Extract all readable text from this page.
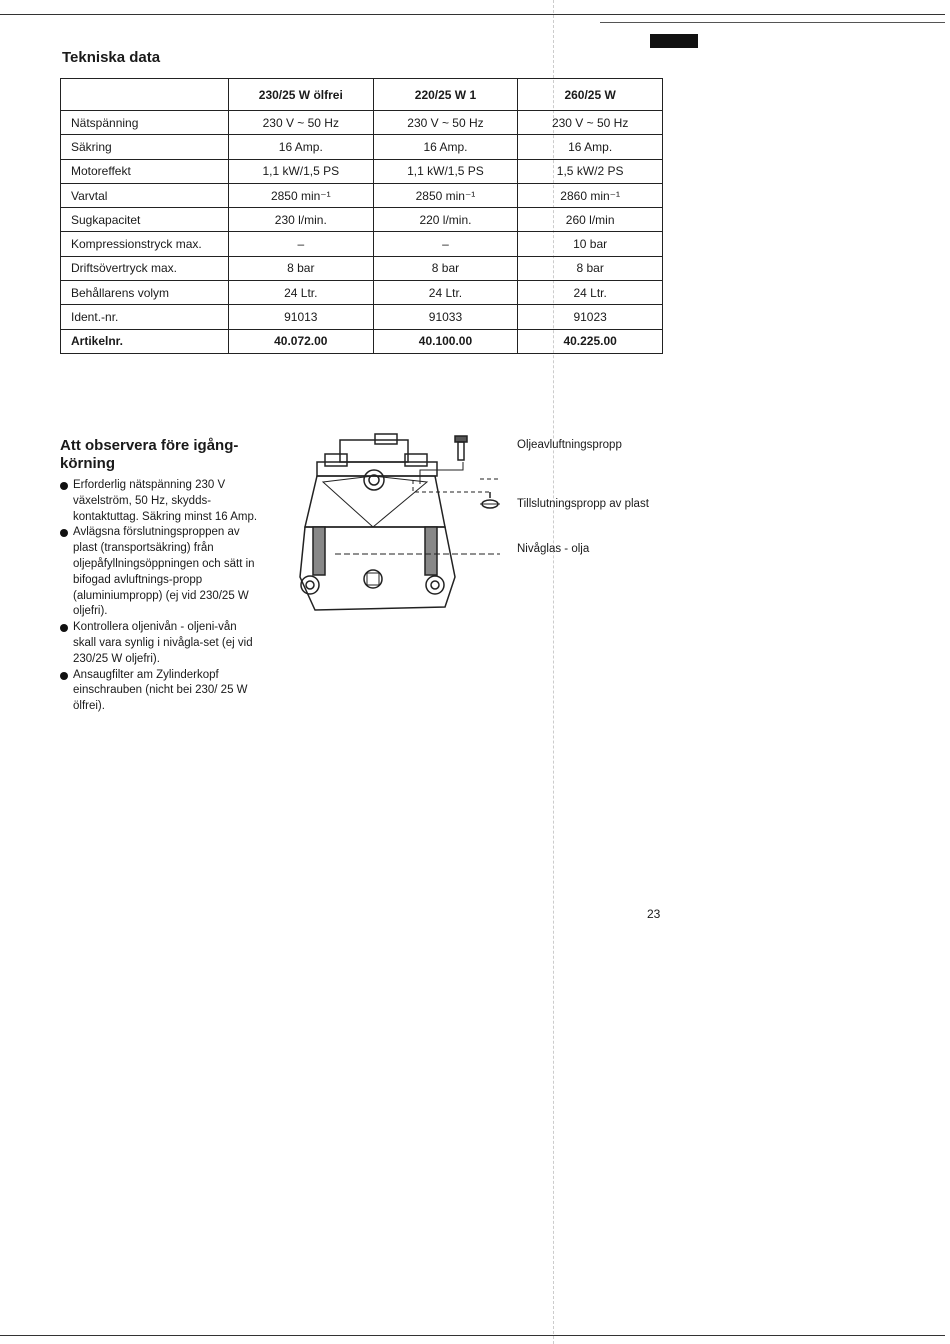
Tekniska data
	230/25 W ölfrei	220/25 W 1	260/25 W
Nätspänning	230 V ~ 50 Hz	230 V ~ 50 Hz	230 V ~ 50 Hz
Säkring	16 Amp.	16 Amp.	16 Amp.
Motoreffekt	1,1 kW/1,5 PS	1,1 kW/1,5 PS	1,5 kW/2 PS
Varvtal	2850 min⁻¹	2850 min⁻¹	2860 min⁻¹
Sugkapacitet	230 l/min.	220 l/min.	260 l/min
Kompressionstryck max.	–	–	10 bar
Driftsövertryck max.	8 bar	8 bar	8 bar
Behållarens volym	24 Ltr.	24 Ltr.	24 Ltr.
Ident.-nr.	91013	91033	91023
Artikelnr.	40.072.00	40.100.00	40.225.00
Att observera före igång-körning
Erforderlig nätspänning 230 V växelström, 50 Hz, skydds-kontaktuttag. Säkring minst 16 Amp.
Avlägsna förslutningsproppen av plast (transportsäkring) från oljepåfyllningsöppningen och sätt in bifogad avluftnings-propp (aluminiumpropp) (ej vid 230/25 W oljefri).
Kontrollera oljenivån - oljeni-vån skall vara synlig i nivågla-set (ej vid 230/25 W oljefri).
Ansaugfilter am Zylinderkopf einschrauben (nicht bei 230/ 25 W ölfrei).
Oljeavluftningspropp
Tillslutningspropp av plast
Nivåglas - olja
23
